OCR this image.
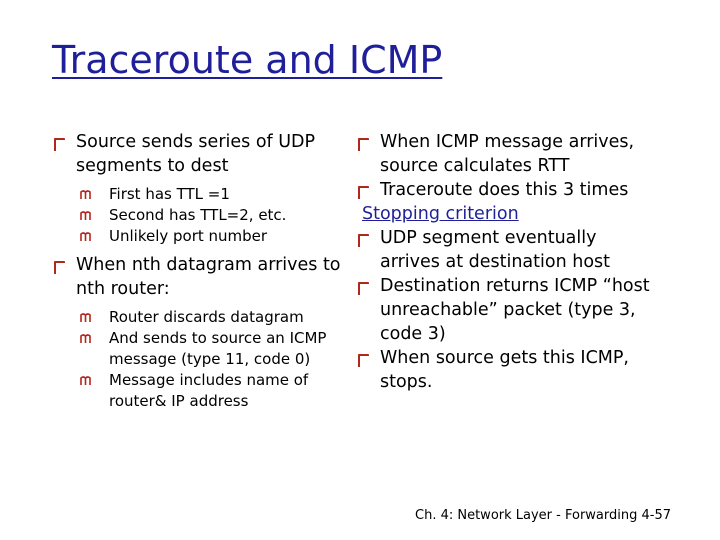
Traceroute and ICMP
Source sends series of UDP segments to dest
First has TTL =1
Second has TTL=2, etc.
Unlikely port number
When nth datagram arrives to nth router:
Router discards datagram
And sends to source an ICMP message (type 11, code 0)
Message includes name of router& IP address
When ICMP message arrives, source calculates RTT
Traceroute does this 3 times
Stopping criterion
UDP segment eventually arrives at destination host
Destination returns ICMP “host unreachable” packet (type 3, code 3)
When source gets this ICMP, stops.
Ch. 4: Network Layer - Forwarding 4-57
